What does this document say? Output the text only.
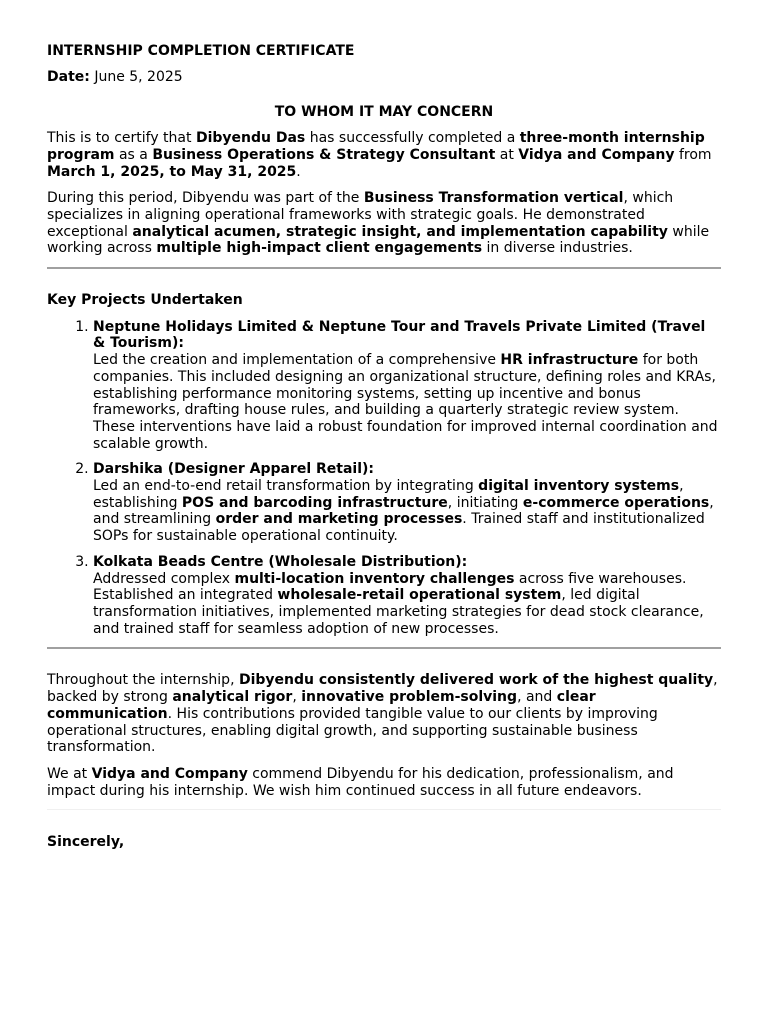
INTERNSHIP COMPLETION CERTIFICATE

Date: June 5, 2025

TO WHOM IT MAY CONCERN

This is to certify that Dibyendu Das has successfully completed a three-month internship program as a Business Operations & Strategy Consultant at Vidya and Company from March 1, 2025, to May 31, 2025.

During this period, Dibyendu was part of the Business Transformation vertical, which specializes in aligning operational frameworks with strategic goals. He demonstrated exceptional analytical acumen, strategic insight, and implementation capability while working across multiple high-impact client engagements in diverse industries.

Key Projects Undertaken

1. Neptune Holidays Limited & Neptune Tour and Travels Private Limited (Travel & Tourism):
Led the creation and implementation of a comprehensive HR infrastructure for both companies. This included designing an organizational structure, defining roles and KRAs, establishing performance monitoring systems, setting up incentive and bonus frameworks, drafting house rules, and building a quarterly strategic review system. These interventions have laid a robust foundation for improved internal coordination and scalable growth.
2. Darshika (Designer Apparel Retail):
Led an end-to-end retail transformation by integrating digital inventory systems, establishing POS and barcoding infrastructure, initiating e-commerce operations, and streamlining order and marketing processes. Trained staff and institutionalized SOPs for sustainable operational continuity.
3. Kolkata Beads Centre (Wholesale Distribution):
Addressed complex multi-location inventory challenges across five warehouses. Established an integrated wholesale-retail operational system, led digital transformation initiatives, implemented marketing strategies for dead stock clearance, and trained staff for seamless adoption of new processes.

Throughout the internship, Dibyendu consistently delivered work of the highest quality, backed by strong analytical rigor, innovative problem-solving, and clear communication. His contributions provided tangible value to our clients by improving operational structures, enabling digital growth, and supporting sustainable business transformation.

We at Vidya and Company commend Dibyendu for his dedication, professionalism, and impact during his internship. We wish him continued success in all future endeavors.

Sincerely,
